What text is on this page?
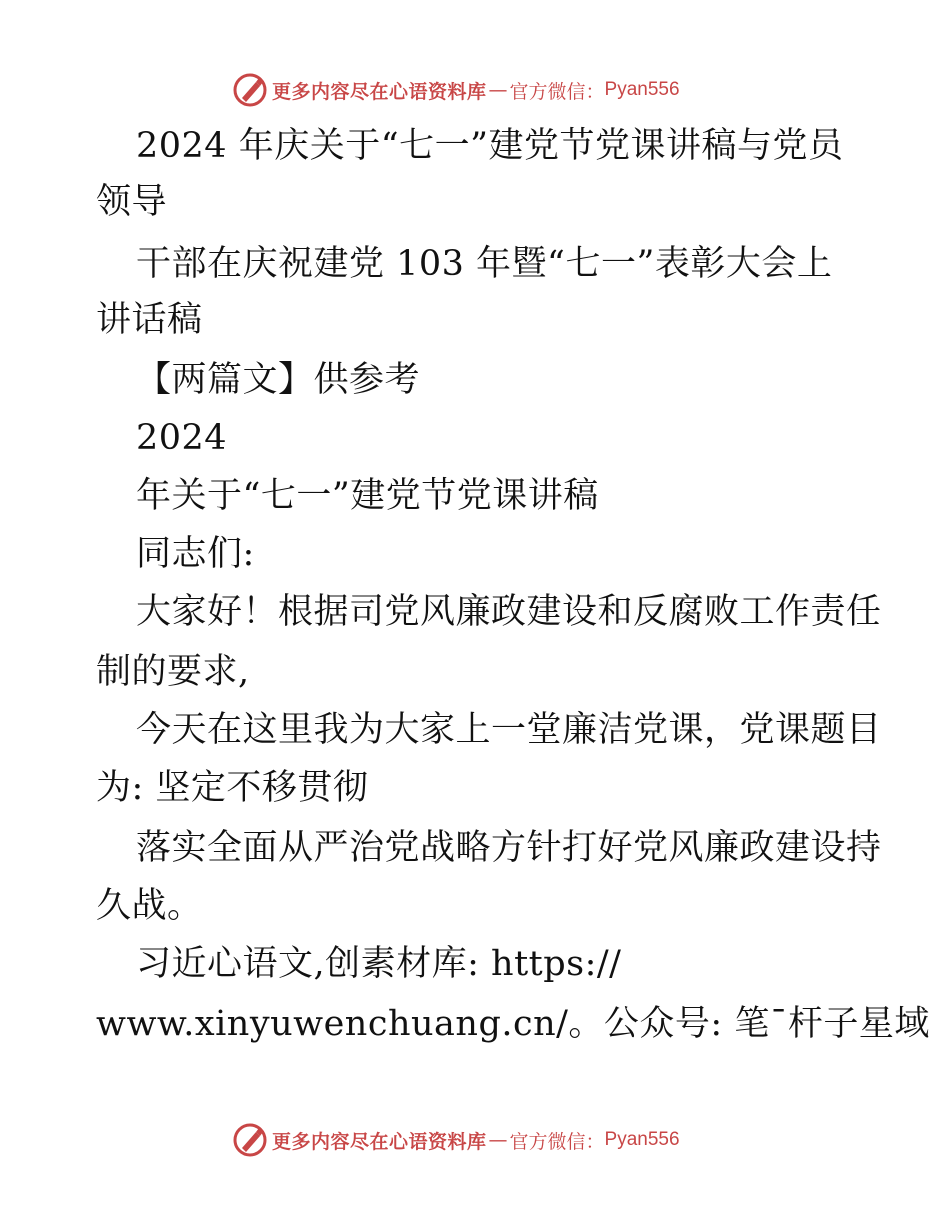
更多内容尽在心语资料库 — 官方微信： Pyan556
2024 年庆关于“七一”建党节党课讲稿与党员
领导
干部在庆祝建党 103 年暨“七一”表彰大会上
讲话稿
【两篇文】供参考
2024
年关于“七一”建党节党课讲稿
同志们:
大家好！根据司党风廉政建设和反腐败工作责任
制的要求,
今天在这里我为大家上一堂廉洁党课，党课题目
为: 坚定不移贯彻
落实全面从严治党战略方针打好党风廉政建设持
久战。
习近心语文,创素材库: https://
www.xinyuwenchuang.cn/。公众号: 笔¯杆子星域
更多内容尽在心语资料库 — 官方微信： Pyan556
